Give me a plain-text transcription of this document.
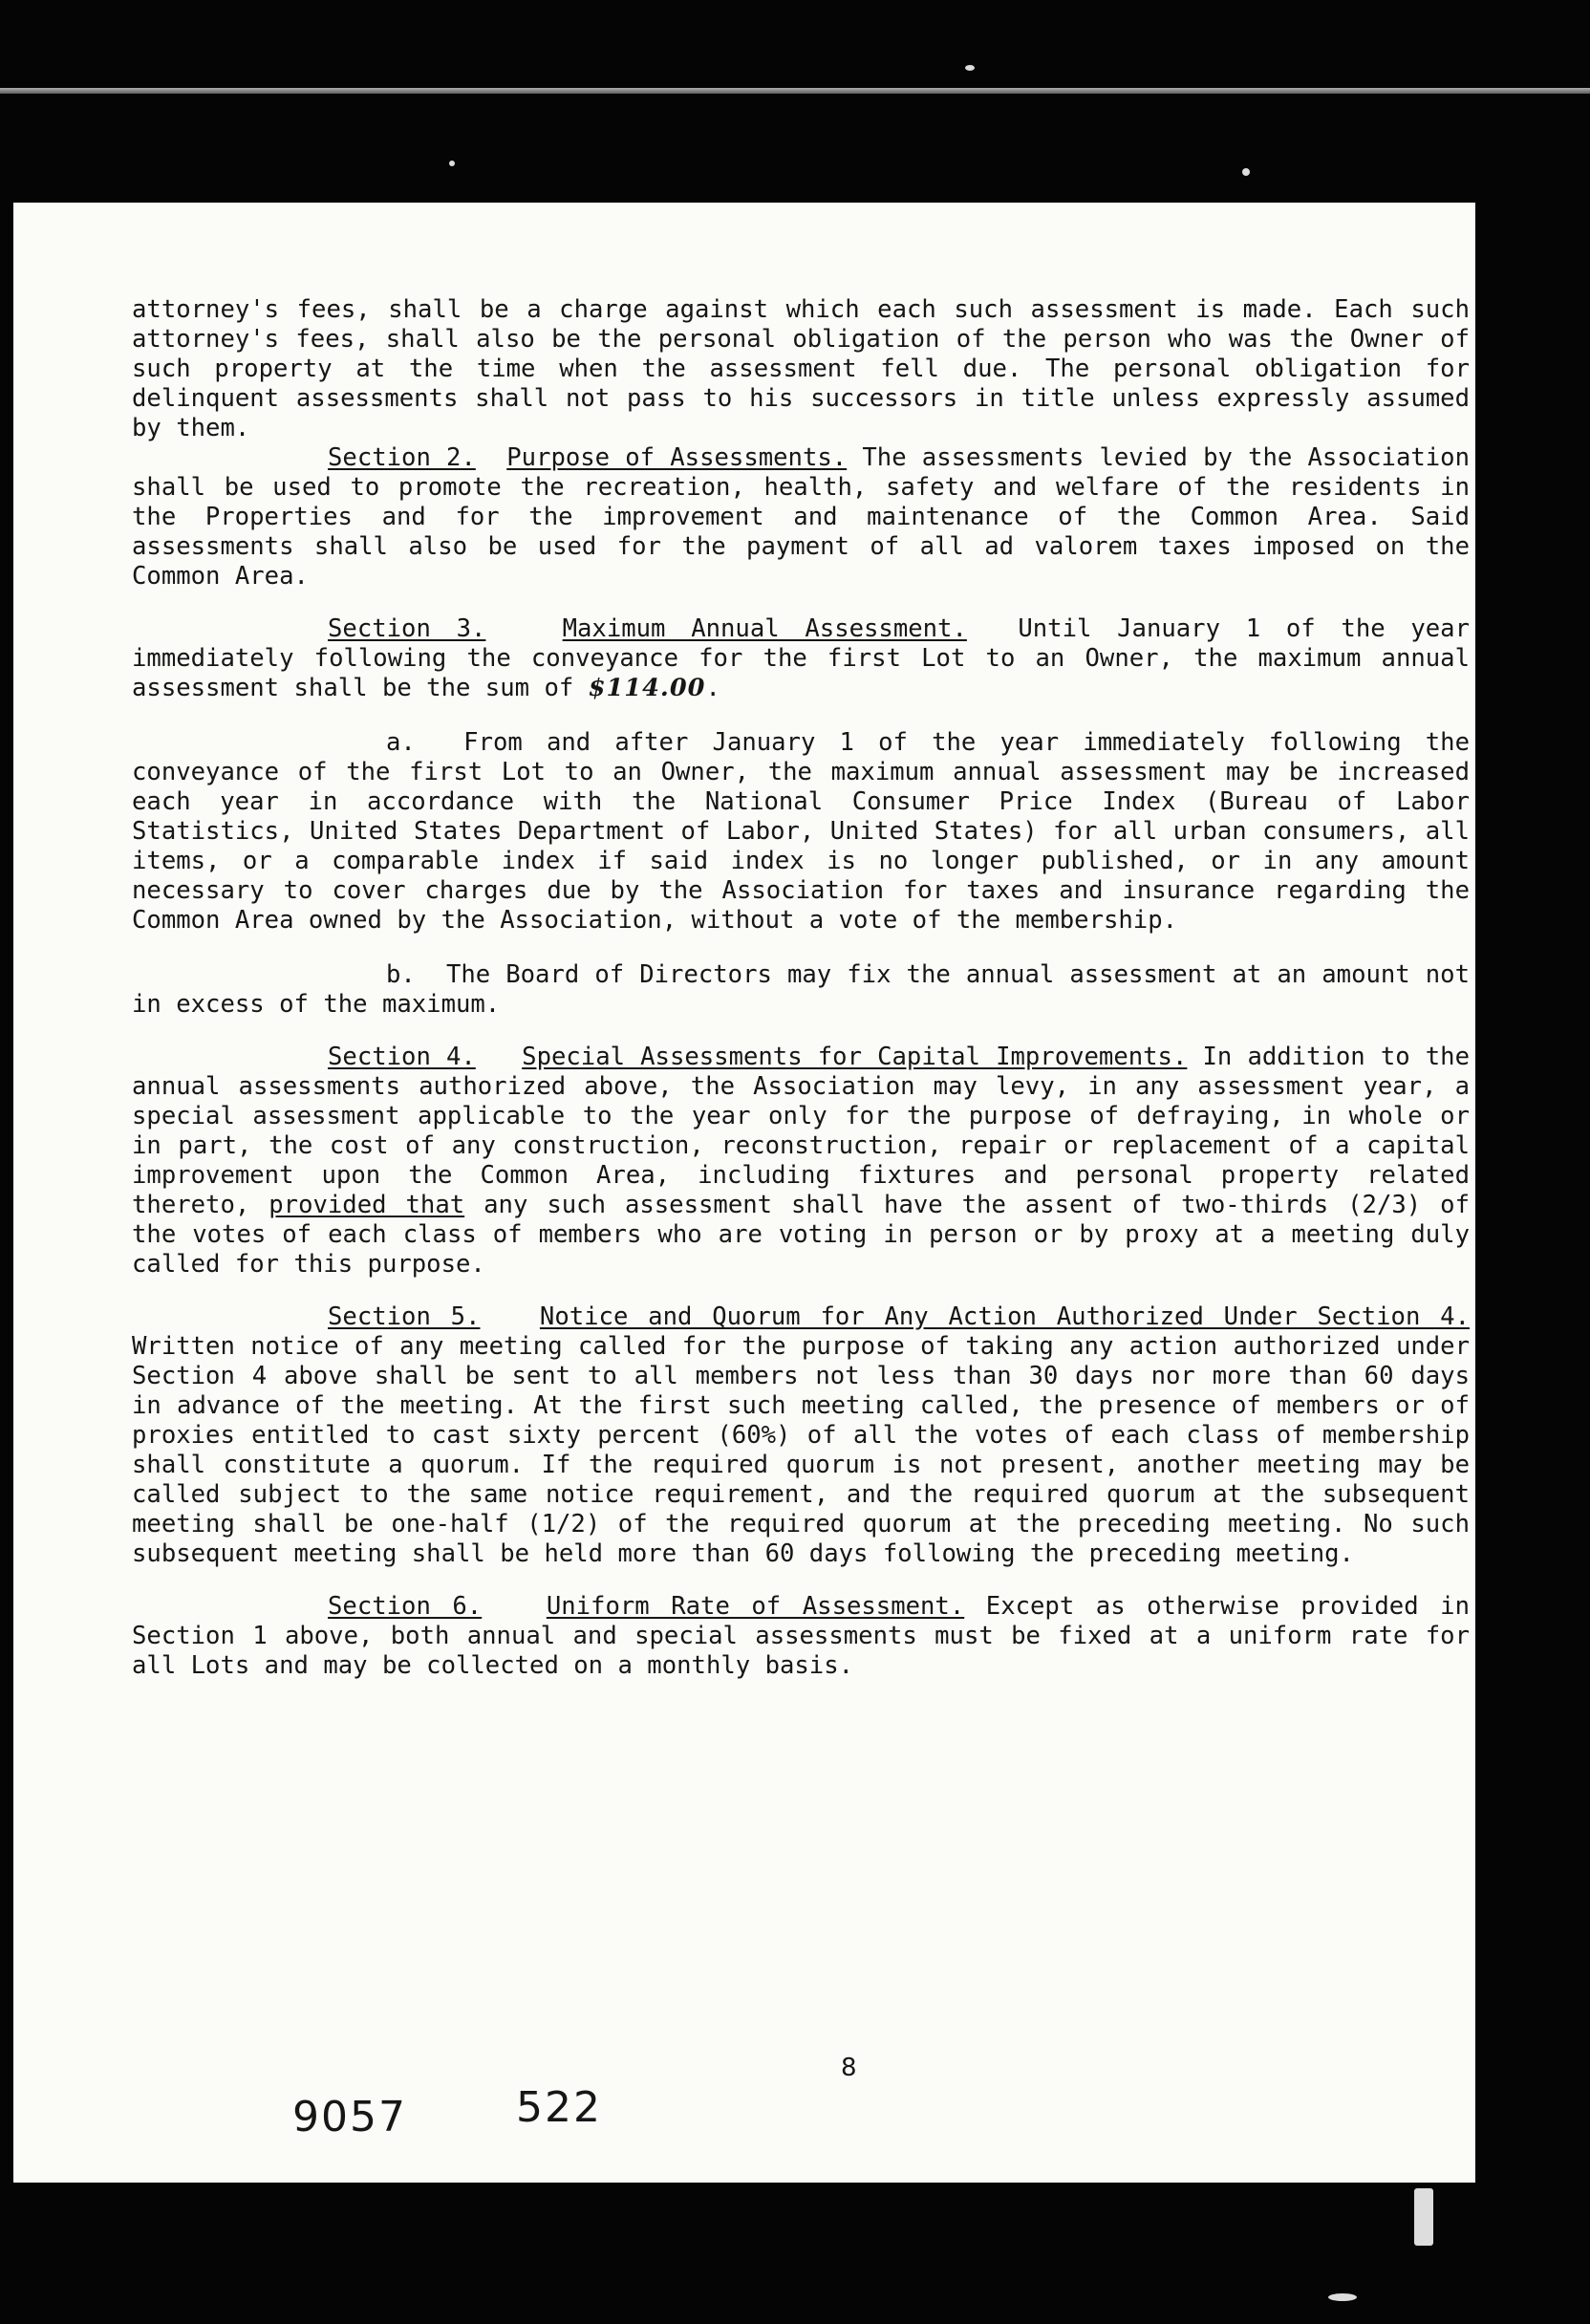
attorney's fees, shall be a charge against which each such assessment is made. Each such attorney's fees, shall also be the personal obligation of the person who was the Owner of such property at the time when the assessment fell due. The personal obligation for delinquent assessments shall not pass to his successors in title unless expressly assumed by them.

Section 2. Purpose of Assessments. The assessments levied by the Association shall be used to promote the recreation, health, safety and welfare of the residents in the Properties and for the improvement and maintenance of the Common Area. Said assessments shall also be used for the payment of all ad valorem taxes imposed on the Common Area.

Section 3.	Maximum Annual Assessment. Until January 1 of the year immediately following the conveyance for the first Lot to an Owner, the maximum annual assessment shall be the sum of $114.00.

a. From and after January 1 of the year immediately following the conveyance of the first Lot to an Owner, the maximum annual assessment may be increased each year in accordance with the National Consumer Price Index (Bureau of Labor Statistics, United States Department of Labor, United States) for all urban consumers, all items, or a comparable index if said index is no longer published, or in any amount necessary to cover charges due by the Association for taxes and insurance regarding the Common Area owned by the Association, without a vote of the membership.

b. The Board of Directors may fix the annual assessment at an amount not in excess of the maximum.

Section 4. Special Assessments for Capital Improvements. In addition to the annual assessments authorized above, the Association may levy, in any assessment year, a special assessment applicable to the year only for the purpose of defraying, in whole or in part, the cost of any construction, reconstruction, repair or replacement of a capital improvement upon the Common Area, including fixtures and personal property related thereto, provided that any such assessment shall have the assent of two-thirds (2/3) of the votes of each class of members who are voting in person or by proxy at a meeting duly called for this purpose.

Section 5. Notice and Quorum for Any Action Authorized Under Section 4. Written notice of any meeting called for the purpose of taking any action authorized under Section 4 above shall be sent to all members not less than 30 days nor more than 60 days in advance of the meeting. At the first such meeting called, the presence of members or of proxies entitled to cast sixty percent (60%) of all the votes of each class of membership shall constitute a quorum. If the required quorum is not present, another meeting may be called subject to the same notice requirement, and the required quorum at the subsequent meeting shall be one-half (1/2) of the required quorum at the preceding meeting. No such subsequent meeting shall be held more than 60 days following the preceding meeting.

Section 6.	Uniform Rate of Assessment. Except as otherwise provided in Section 1 above, both annual and special assessments must be fixed at a uniform rate for all Lots and may be collected on a monthly basis.

8
9057	522
